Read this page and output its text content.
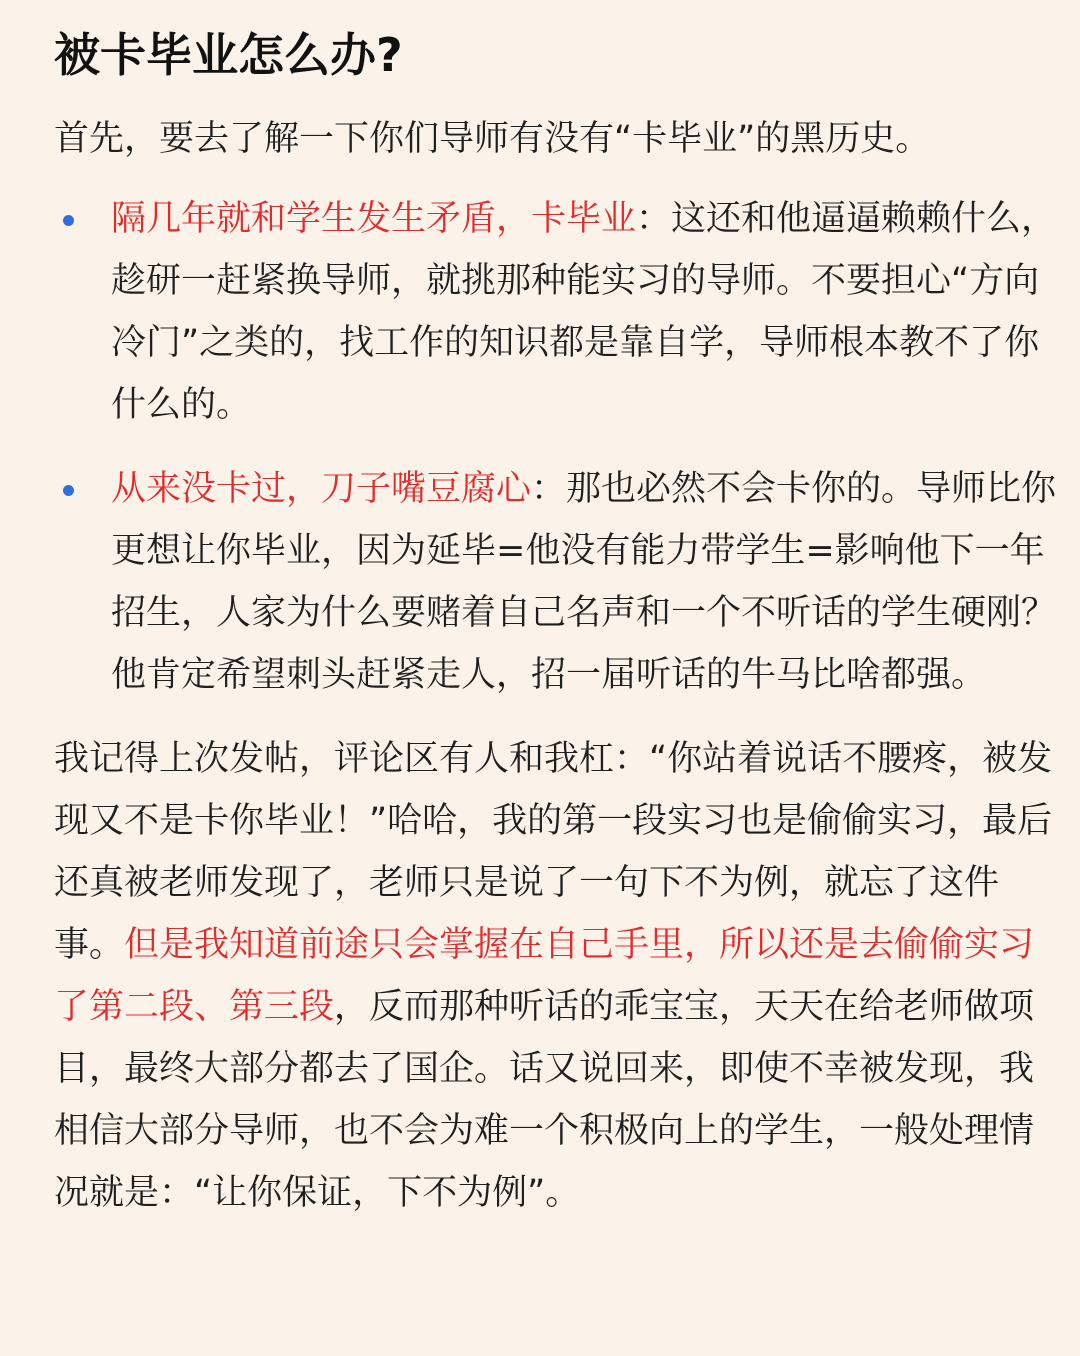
被卡毕业怎么办?

首先，要去了解一下你们导师有没有“卡毕业”的黑历史。

隔几年就和学生发生矛盾，卡毕业：这还和他逼逼赖赖什么，趁研一赶紧换导师，就挑那种能实习的导师。不要担心“方向冷门”之类的，找工作的知识都是靠自学，导师根本教不了你什么的。
从来没卡过，刀子嘴豆腐心：那也必然不会卡你的。导师比你更想让你毕业，因为延毕=他没有能力带学生=影响他下一年招生，人家为什么要赌着自己名声和一个不听话的学生硬刚？他肯定希望刺头赶紧走人，招一届听话的牛马比啥都强。

我记得上次发帖，评论区有人和我杠：“你站着说话不腰疼，被发现又不是卡你毕业！”哈哈，我的第一段实习也是偷偷实习，最后还真被老师发现了，老师只是说了一句下不为例，就忘了这件事。但是我知道前途只会掌握在自己手里，所以还是去偷偷实习了第二段、第三段，反而那种听话的乖宝宝，天天在给老师做项目，最终大部分都去了国企。话又说回来，即使不幸被发现，我相信大部分导师，也不会为难一个积极向上的学生，一般处理情况就是：“让你保证，下不为例”。
